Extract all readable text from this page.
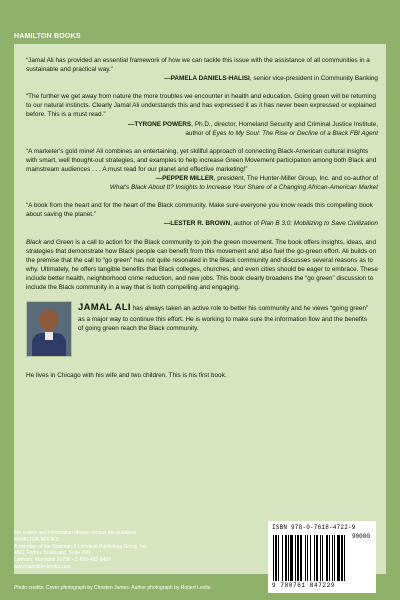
HAMILTON BOOKS

“Jamal Ali has provided an essential framework of how we can tackle this issue with the assistance of all communities in a sustainable and practical way.”

—PAMELA DANIELS-HALISI, senior vice-president in Community Banking

“The further we get away from nature the more troubles we encounter in health and education. Going green will be returning to our natural instincts. Clearly Jamal Ali understands this and has expressed it as it has never been expressed or explained before. This is a must read.”

—TYRONE POWERS, Ph.D., director, Homeland Security and Criminal Justice Institute,

author of Eyes to My Soul: The Rise or Decline of a Black FBI Agent

“A marketer's gold mine! Ali combines an entertaining, yet skillful approach of connecting Black-American cultural insights with smart, well thought-out strategies, and examples to help increase Green Movement participation among both Black and mainstream audiences . . . A must read for our planet and effective marketing!”

—PEPPER MILLER, president, The Hunter-Miller Group, Inc. and co-author of

What's Black About It? Insights to Increase Your Share of a Changing African-American Market

“A book from the heart and for the heart of the Black community. Make sure everyone you know reads this compelling book about saving the planet.”

—LESTER R. BROWN, author of Plan B 3.0: Mobilizing to Save Civilization

Black and Green is a call to action for the Black community to join the green movement. The book offers insights, ideas, and strategies that demonstrate how Black people can benefit from this movement and also fuel the go-green effort. Ali builds on the premise that the call to “go green” has not quite resonated in the Black community and discusses several reasons as to why. Ultimately, he offers tangible benefits that Black colleges, churches, and even cities should be eager to embrace. These include better health, neighborhood crime reduction, and new jobs. This book clearly broadens the “go green” discussion to include the Black community in a way that is both compelling and engaging.

JAMAL ALI has always taken an active role to better his community and he views “going green” as a major way to continue this effort. He is working to make sure the information flow and the benefits of going green reach the Black community.

He lives in Chicago with his wife and two children. This is his first book.

For orders and information please contact the publisher
HAMILTON BOOKS
A member of the Rowman & Littlefield Publishing Group, Inc.
4501 Forbes Boulevard, Suite 200
Lanham, Maryland 20706 • 1-800-462-6420
www.hamilton-books.com
ISBN 978-0-7618-4722-9
90000
9 780761 847229
Photo credits: Cover photograph by Christen James. Author photograph by Robert Levite.
